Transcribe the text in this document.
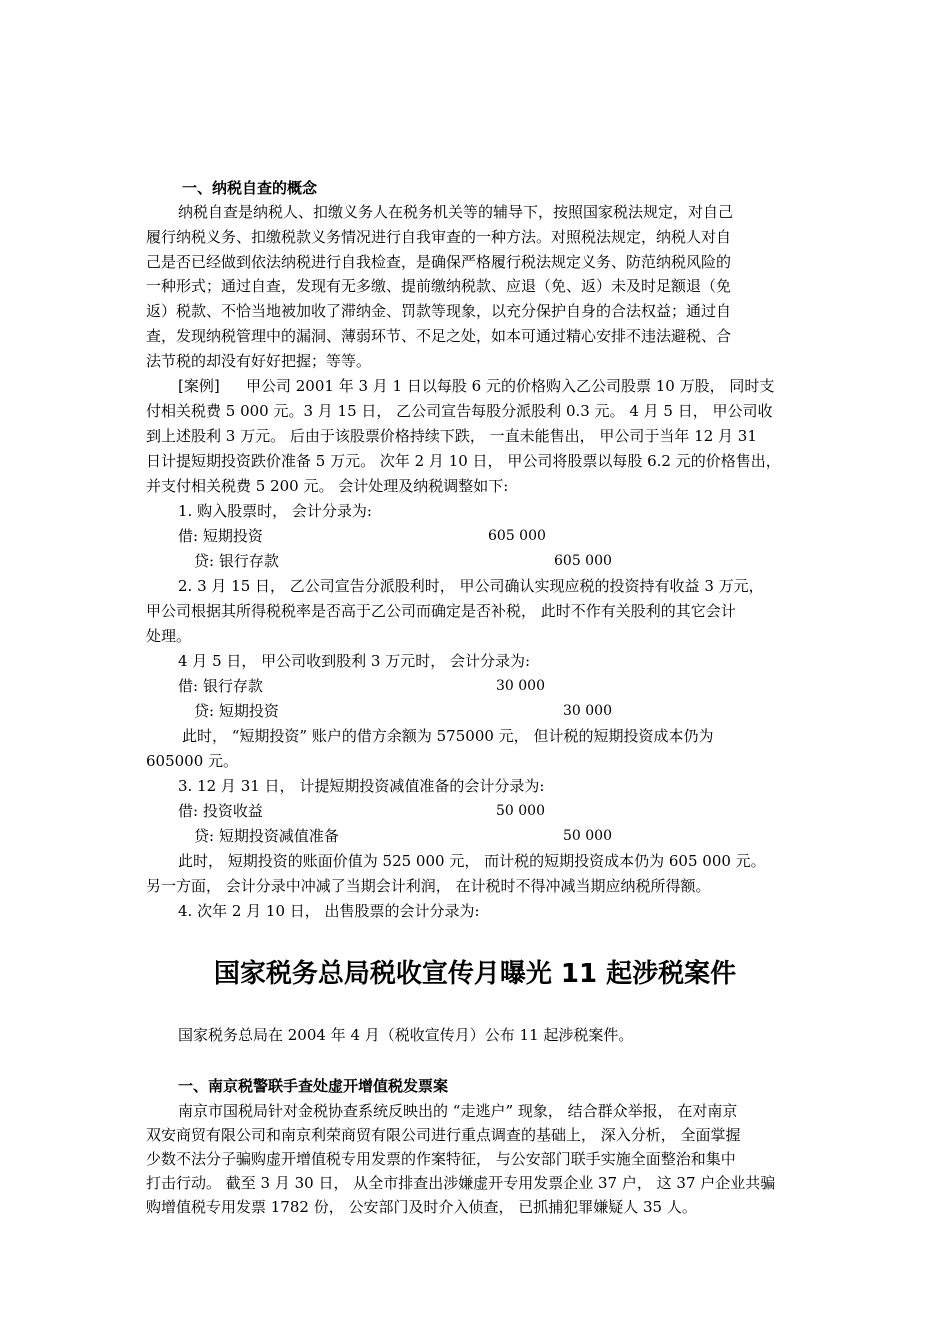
一、纳税自查的概念
纳税自查是纳税人、扣缴义务人在税务机关等的辅导下，按照国家税法规定，对自己
履行纳税义务、扣缴税款义务情况进行自我审查的一种方法。对照税法规定，纳税人对自
己是否已经做到依法纳税进行自我检查，是确保严格履行税法规定义务、防范纳税风险的
一种形式；通过自查，发现有无多缴、提前缴纳税款、应退（免、返）未及时足额退（免
返）税款、不恰当地被加收了滞纳金、罚款等现象，以充分保护自身的合法权益；通过自
查，发现纳税管理中的漏洞、薄弱环节、不足之处，如本可通过精心安排不违法避税、合
法节税的却没有好好把握；等等。
[案例]	甲公司 2001 年 3 月 1 日以每股 6 元的价格购入乙公司股票 10 万股， 同时支
付相关税费 5 000 元。3 月 15 日， 乙公司宣告每股分派股利 0.3 元。 4 月 5 日， 甲公司收
到上述股利 3 万元。 后由于该股票价格持续下跌， 一直未能售出， 甲公司于当年 12 月 31
日计提短期投资跌价准备 5 万元。 次年 2 月 10 日， 甲公司将股票以每股 6.2 元的价格售出，
并支付相关税费 5 200 元。 会计处理及纳税调整如下:
1. 购入股票时， 会计分录为:
借: 短期投资	605 000
贷: 银行存款	605 000
2. 3 月 15 日， 乙公司宣告分派股利时， 甲公司确认实现应税的投资持有收益 3 万元，
甲公司根据其所得税税率是否高于乙公司而确定是否补税， 此时不作有关股利的其它会计
处理。
4 月 5 日， 甲公司收到股利 3 万元时， 会计分录为:
借: 银行存款	30 000
贷: 短期投资	30 000
此时， “短期投资” 账户的借方余额为 575000 元， 但计税的短期投资成本仍为
605000 元。
3. 12 月 31 日， 计提短期投资减值准备的会计分录为:
借: 投资收益	50 000
贷: 短期投资减值准备	50 000
此时， 短期投资的账面价值为 525 000 元， 而计税的短期投资成本仍为 605 000 元。
另一方面， 会计分录中冲减了当期会计利润， 在计税时不得冲减当期应纳税所得额。
4. 次年 2 月 10 日， 出售股票的会计分录为:
国家税务总局税收宣传月曝光 11 起涉税案件
国家税务总局在 2004 年 4 月（税收宣传月）公布 11 起涉税案件。
一、南京税警联手查处虚开增值税发票案
南京市国税局针对金税协查系统反映出的 “走逃户” 现象， 结合群众举报， 在对南京
双安商贸有限公司和南京利荣商贸有限公司进行重点调查的基础上， 深入分析， 全面掌握
少数不法分子骗购虚开增值税专用发票的作案特征， 与公安部门联手实施全面整治和集中
打击行动。 截至 3 月 30 日， 从全市排查出涉嫌虚开专用发票企业 37 户， 这 37 户企业共骗
购增值税专用发票 1782 份， 公安部门及时介入侦查， 已抓捕犯罪嫌疑人 35 人。
